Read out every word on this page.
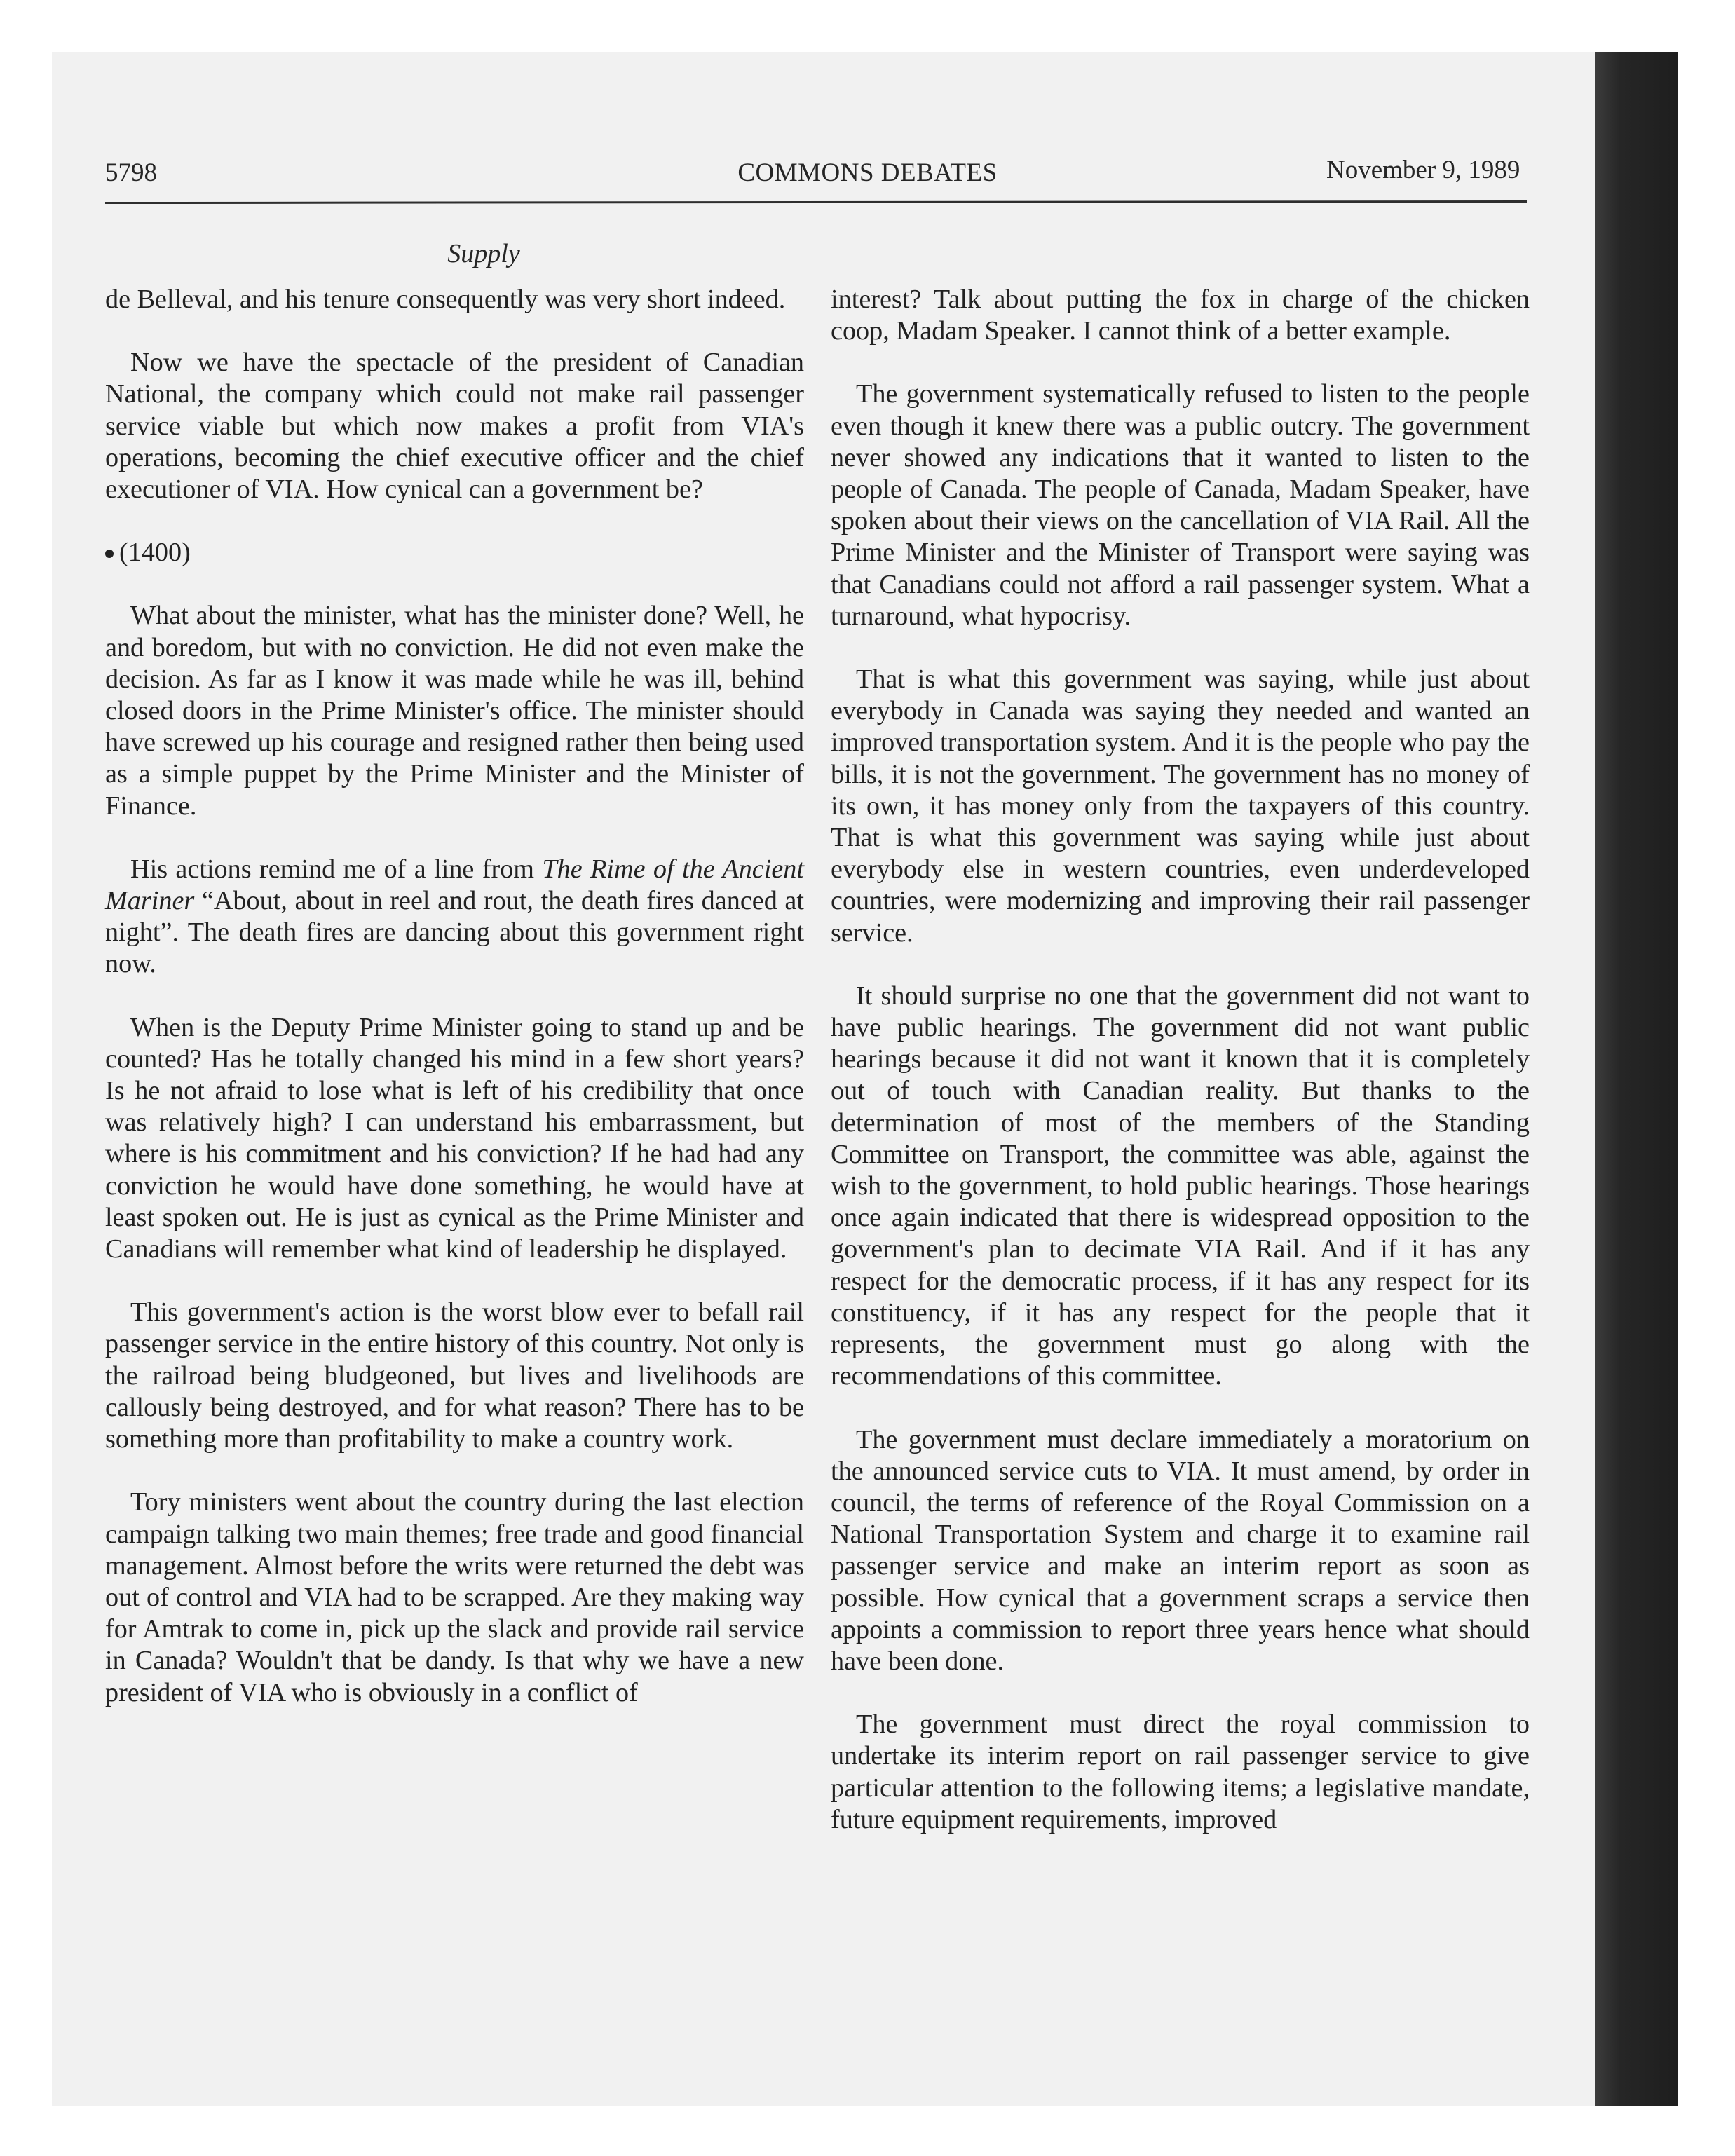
5798	COMMONS DEBATES	November 9, 1989
Supply

de Belleval, and his tenure consequently was very short indeed.

Now we have the spectacle of the president of Canadian National, the company which could not make rail passenger service viable but which now makes a profit from VIA's operations, becoming the chief executive officer and the chief executioner of VIA. How cynical can a government be?

(1400)

What about the minister, what has the minister done? Well, he and boredom, but with no conviction. He did not even make the decision. As far as I know it was made while he was ill, behind closed doors in the Prime Minister's office. The minister should have screwed up his courage and resigned rather then being used as a simple puppet by the Prime Minister and the Minister of Finance.

His actions remind me of a line from The Rime of the Ancient Mariner “About, about in reel and rout, the death fires danced at night”. The death fires are dancing about this government right now.

When is the Deputy Prime Minister going to stand up and be counted? Has he totally changed his mind in a few short years? Is he not afraid to lose what is left of his credibility that once was relatively high? I can understand his embarrassment, but where is his commitment and his conviction? If he had had any conviction he would have done something, he would have at least spoken out. He is just as cynical as the Prime Minister and Canadians will remember what kind of leadership he displayed.

This government's action is the worst blow ever to befall rail passenger service in the entire history of this country. Not only is the railroad being bludgeoned, but lives and livelihoods are callously being destroyed, and for what reason? There has to be something more than profitability to make a country work.

Tory ministers went about the country during the last election campaign talking two main themes; free trade and good financial management. Almost before the writs were returned the debt was out of control and VIA had to be scrapped. Are they making way for Amtrak to come in, pick up the slack and provide rail service in Canada? Wouldn't that be dandy. Is that why we have a new president of VIA who is obviously in a conflict of

interest? Talk about putting the fox in charge of the chicken coop, Madam Speaker. I cannot think of a better example.

The government systematically refused to listen to the people even though it knew there was a public outcry. The government never showed any indications that it wanted to listen to the people of Canada. The people of Canada, Madam Speaker, have spoken about their views on the cancellation of VIA Rail. All the Prime Minister and the Minister of Transport were saying was that Canadians could not afford a rail passenger system. What a turnaround, what hypocrisy.

That is what this government was saying, while just about everybody in Canada was saying they needed and wanted an improved transportation system. And it is the people who pay the bills, it is not the government. The government has no money of its own, it has money only from the taxpayers of this country. That is what this government was saying while just about everybody else in western countries, even underdeveloped countries, were modernizing and improving their rail passenger service.

It should surprise no one that the government did not want to have public hearings. The government did not want public hearings because it did not want it known that it is completely out of touch with Canadian reality. But thanks to the determination of most of the members of the Standing Committee on Transport, the committee was able, against the wish to the government, to hold public hearings. Those hearings once again indicated that there is widespread opposition to the government's plan to decimate VIA Rail. And if it has any respect for the democratic process, if it has any respect for its constituency, if it has any respect for the people that it represents, the government must go along with the recommendations of this committee.

The government must declare immediately a moratorium on the announced service cuts to VIA. It must amend, by order in council, the terms of reference of the Royal Commission on a National Transportation System and charge it to examine rail passenger service and make an interim report as soon as possible. How cynical that a government scraps a service then appoints a commission to report three years hence what should have been done.

The government must direct the royal commission to undertake its interim report on rail passenger service to give particular attention to the following items; a legislative mandate, future equipment requirements, improved
